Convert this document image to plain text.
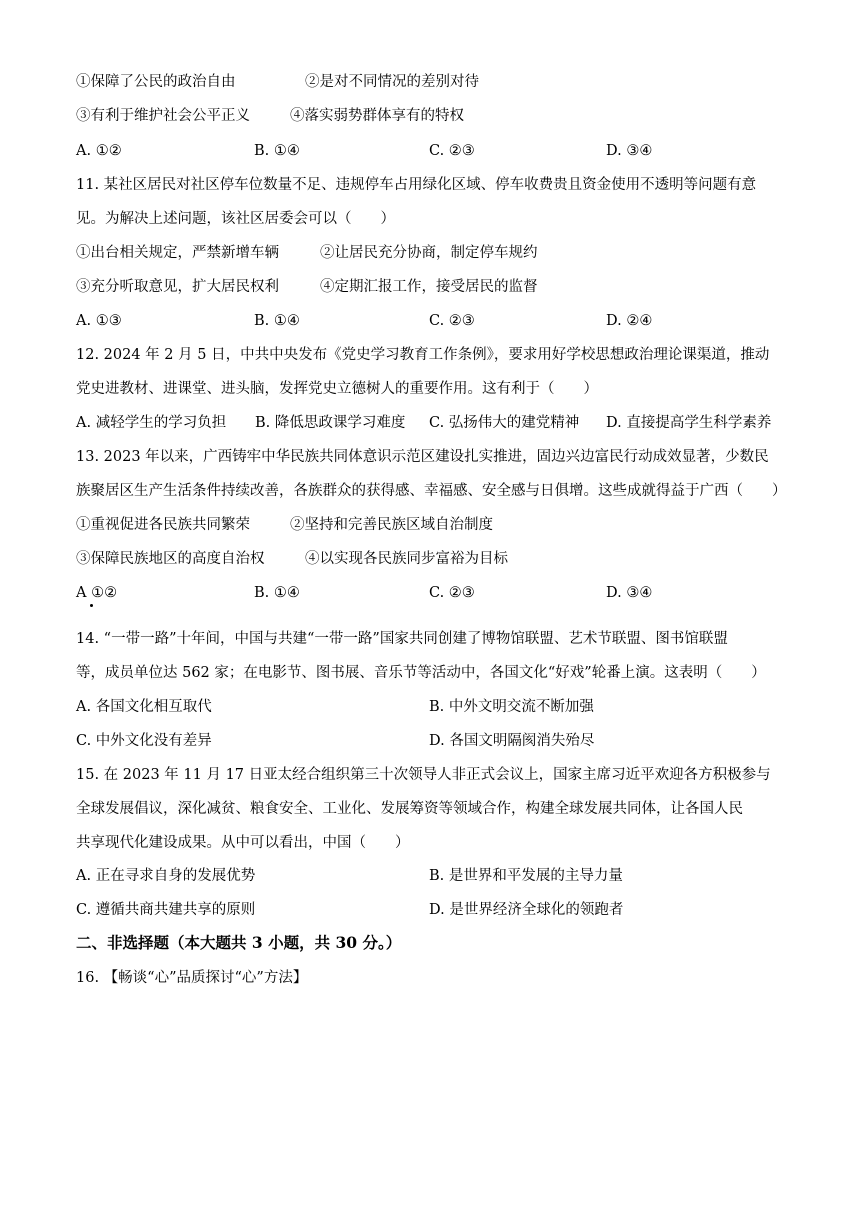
①保障了公民的政治自由	②是对不同情况的差别对待
③有利于维护社会公平正义	④落实弱势群体享有的特权
A. ①②	B. ①④	C. ②③	D. ③④
11. 某社区居民对社区停车位数量不足、违规停车占用绿化区域、停车收费贵且资金使用不透明等问题有意
见。为解决上述问题，该社区居委会可以（　　）
①出台相关规定，严禁新增车辆	②让居民充分协商，制定停车规约
③充分听取意见，扩大居民权利	④定期汇报工作，接受居民的监督
A. ①③	B. ①④	C. ②③	D. ②④
12. 2024 年 2 月 5 日，中共中央发布《党史学习教育工作条例》，要求用好学校思想政治理论课渠道，推动
党史进教材、进课堂、进头脑，发挥党史立德树人的重要作用。这有利于（　　）
A. 减轻学生的学习负担 B. 降低思政课学习难度 C. 弘扬伟大的建党精神 D. 直接提高学生科学素养
13. 2023 年以来，广西铸牢中华民族共同体意识示范区建设扎实推进，固边兴边富民行动成效显著，少数民
族聚居区生产生活条件持续改善，各族群众的获得感、幸福感、安全感与日俱增。这些成就得益于广西（　　）
①重视促进各民族共同繁荣	②坚持和完善民族区域自治制度
③保障民族地区的高度自治权	④以实现各民族同步富裕为目标
A ①②	B. ①④	C. ②③	D. ③④
14. “一带一路”十年间，中国与共建“一带一路”国家共同创建了博物馆联盟、艺术节联盟、图书馆联盟
等，成员单位达 562 家；在电影节、图书展、音乐节等活动中，各国文化“好戏”轮番上演。这表明（　　）
A. 各国文化相互取代	B. 中外文明交流不断加强
C. 中外文化没有差异	D. 各国文明隔阂消失殆尽
15. 在 2023 年 11 月 17 日亚太经合组织第三十次领导人非正式会议上，国家主席习近平欢迎各方积极参与
全球发展倡议，深化减贫、粮食安全、工业化、发展筹资等领域合作，构建全球发展共同体，让各国人民
共享现代化建设成果。从中可以看出，中国（　　）
A. 正在寻求自身的发展优势	B. 是世界和平发展的主导力量
C. 遵循共商共建共享的原则	D. 是世界经济全球化的领跑者
二、非选择题（本大题共 3 小题，共 30 分。）
16. 【畅谈“心”品质探讨“心”方法】
